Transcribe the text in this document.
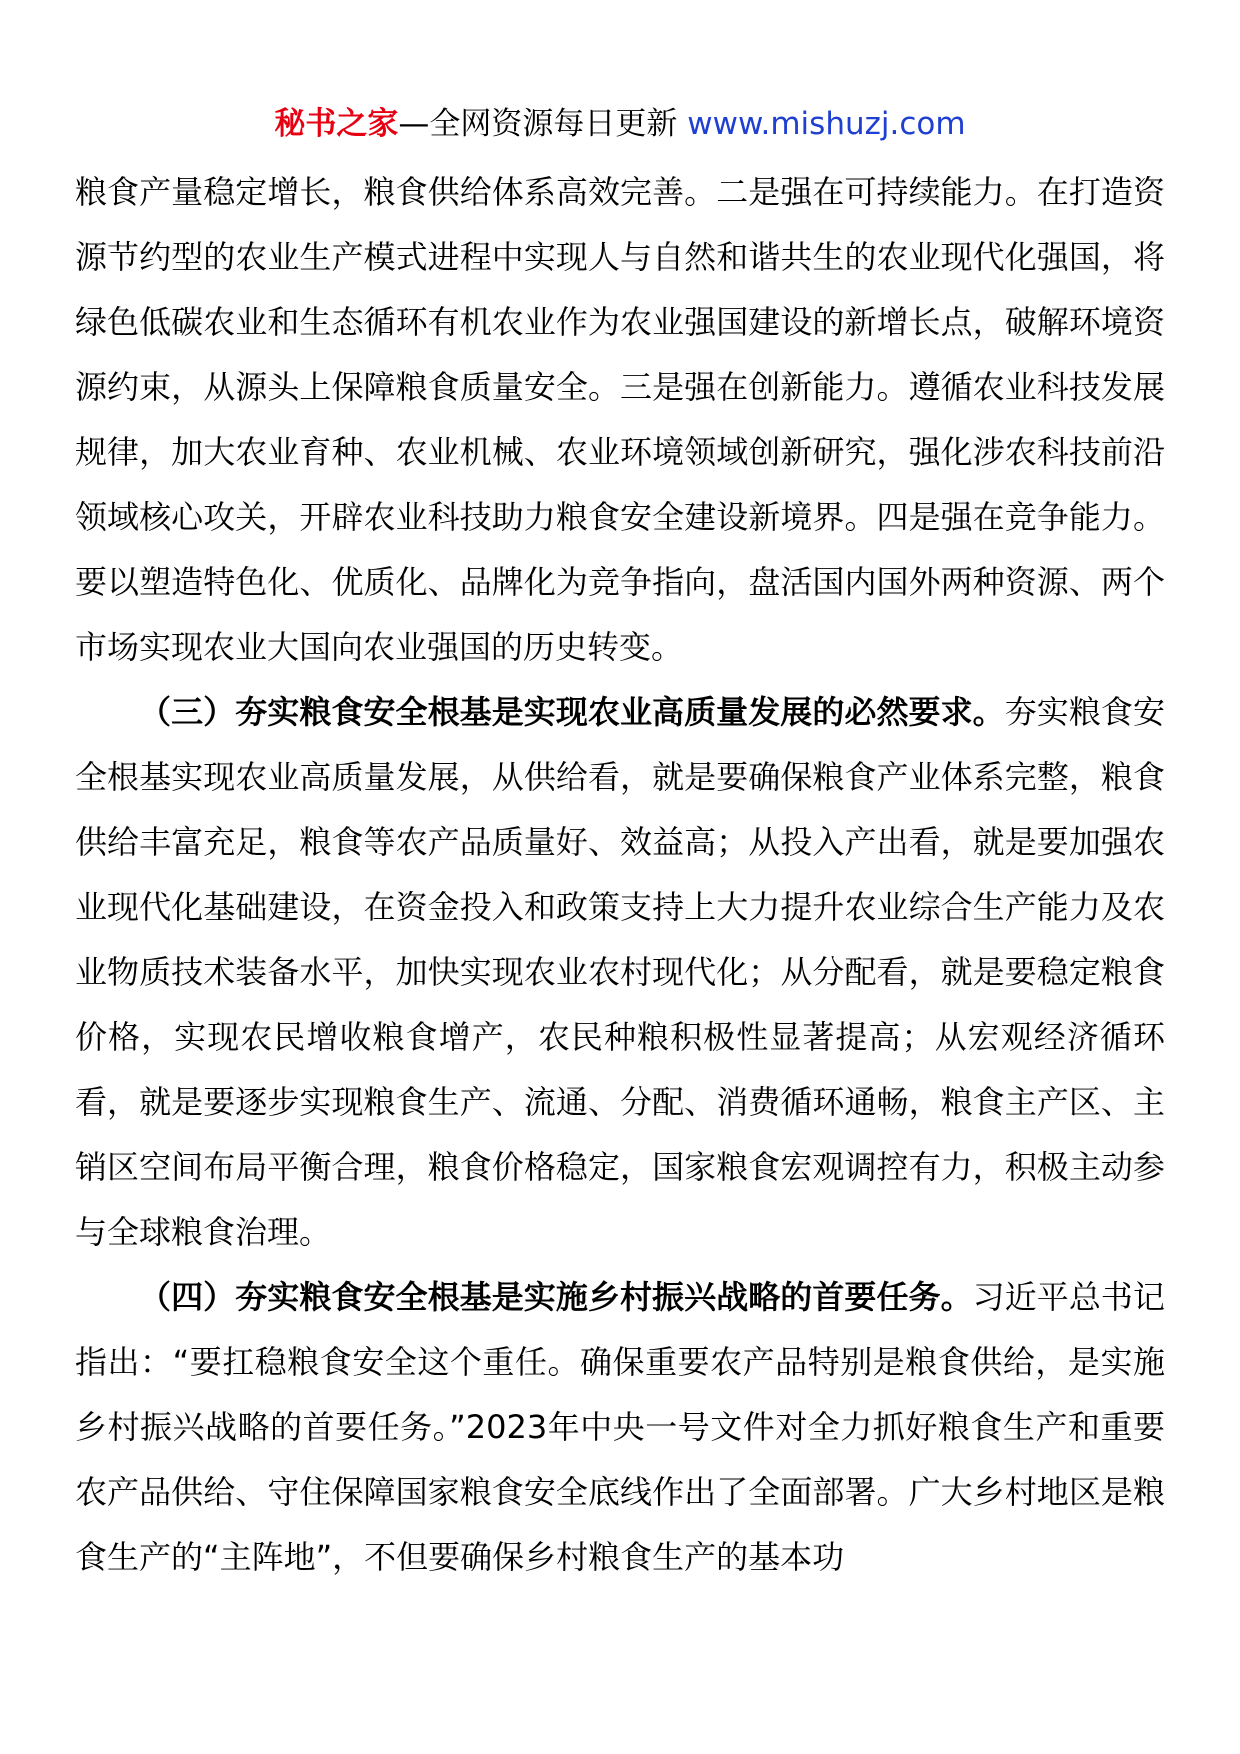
秘书之家—全网资源每日更新 www.mishuzj.com

粮食产量稳定增长，粮食供给体系高效完善。二是强在可持续能力。在打造资源节约型的农业生产模式进程中实现人与自然和谐共生的农业现代化强国，将绿色低碳农业和生态循环有机农业作为农业强国建设的新增长点，破解环境资源约束，从源头上保障粮食质量安全。三是强在创新能力。遵循农业科技发展规律，加大农业育种、农业机械、农业环境领域创新研究，强化涉农科技前沿领域核心攻关，开辟农业科技助力粮食安全建设新境界。四是强在竞争能力。要以塑造特色化、优质化、品牌化为竞争指向，盘活国内国外两种资源、两个市场实现农业大国向农业强国的历史转变。

（三）夯实粮食安全根基是实现农业高质量发展的必然要求。夯实粮食安全根基实现农业高质量发展，从供给看，就是要确保粮食产业体系完整，粮食供给丰富充足，粮食等农产品质量好、效益高；从投入产出看，就是要加强农业现代化基础建设，在资金投入和政策支持上大力提升农业综合生产能力及农业物质技术装备水平，加快实现农业农村现代化；从分配看，就是要稳定粮食价格，实现农民增收粮食增产，农民种粮积极性显著提高；从宏观经济循环看，就是要逐步实现粮食生产、流通、分配、消费循环通畅，粮食主产区、主销区空间布局平衡合理，粮食价格稳定，国家粮食宏观调控有力，积极主动参与全球粮食治理。

（四）夯实粮食安全根基是实施乡村振兴战略的首要任务。习近平总书记指出：“要扛稳粮食安全这个重任。确保重要农产品特别是粮食供给，是实施乡村振兴战略的首要任务。”2023年中央一号文件对全力抓好粮食生产和重要农产品供给、守住保障国家粮食安全底线作出了全面部署。广大乡村地区是粮食生产的“主阵地”，不但要确保乡村粮食生产的基本功
